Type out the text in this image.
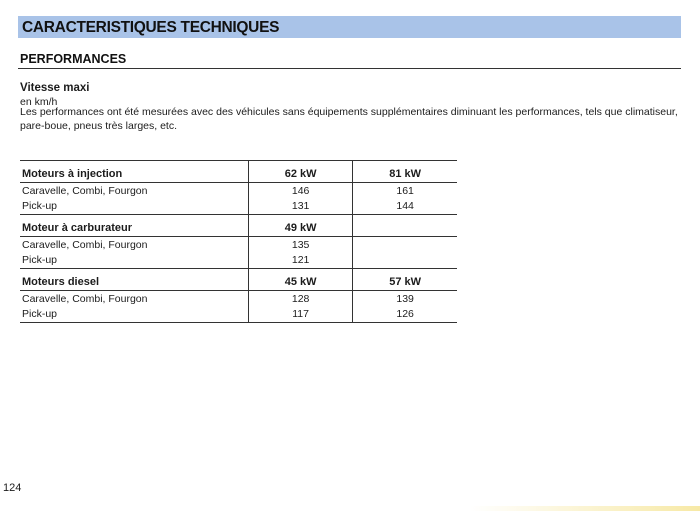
CARACTERISTIQUES TECHNIQUES
PERFORMANCES
Vitesse maxi
en km/h
Les performances ont été mesurées avec des véhicules sans équipements supplémentaires diminuant les performances, tels que climatiseur, pare-boue, pneus très larges, etc.
Moteurs à injection	62 kW	81 kW
Caravelle, Combi, Fourgon	146	161
Pick-up	131	144
Moteur à carburateur	49 kW	
Caravelle, Combi, Fourgon	135	
Pick-up	121	
Moteurs diesel	45 kW	57 kW
Caravelle, Combi, Fourgon	128	139
Pick-up	117	126
124
